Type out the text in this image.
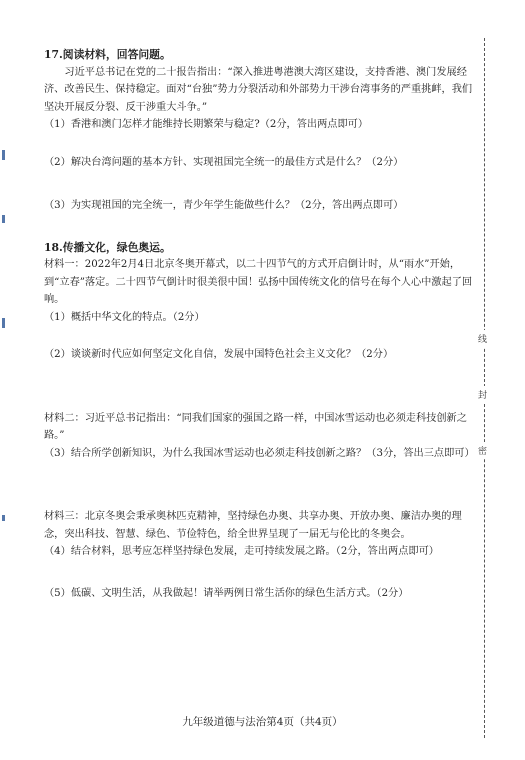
线
封
密

17.阅读材料，回答问题。

习近平总书记在党的二十报告指出：“深入推进粤港澳大湾区建设，支持香港、澳门发展经济、改善民生、保持稳定。面对“台独”势力分裂活动和外部势力干涉台湾事务的严重挑衅，我们坚决开展反分裂、反干涉重大斗争。”

（1）香港和澳门怎样才能维持长期繁荣与稳定?（2分，答出两点即可）

（2）解决台湾问题的基本方针、实现祖国完全统一的最佳方式是什么？（2分）

（3）为实现祖国的完全统一，青少年学生能做些什么？（2分，答出两点即可）

18.传播文化，绿色奥运。

材料一：2022年2月4日北京冬奥开幕式，以二十四节气的方式开启倒计时，从“雨水”开始，到“立春”落定。二十四节气倒计时很美很中国！弘扬中国传统文化的信号在每个人心中激起了回响。

（1）概括中华文化的特点。（2分）

（2）谈谈新时代应如何坚定文化自信，发展中国特色社会主义文化？（2分）

材料二：习近平总书记指出：“同我们国家的强国之路一样，中国冰雪运动也必须走科技创新之路。”

（3）结合所学创新知识，为什么我国冰雪运动也必须走科技创新之路？（3分，答出三点即可）

材料三：北京冬奥会秉承奥林匹克精神，坚持绿色办奥、共享办奥、开放办奥、廉洁办奥的理念，突出科技、智慧、绿色、节俭特色，给全世界呈现了一届无与伦比的冬奥会。

（4）结合材料，思考应怎样坚持绿色发展，走可持续发展之路。（2分，答出两点即可）

（5）低碳、文明生活，从我做起！请举两例日常生活你的绿色生活方式。（2分）

九年级道德与法治第4页（共4页）
